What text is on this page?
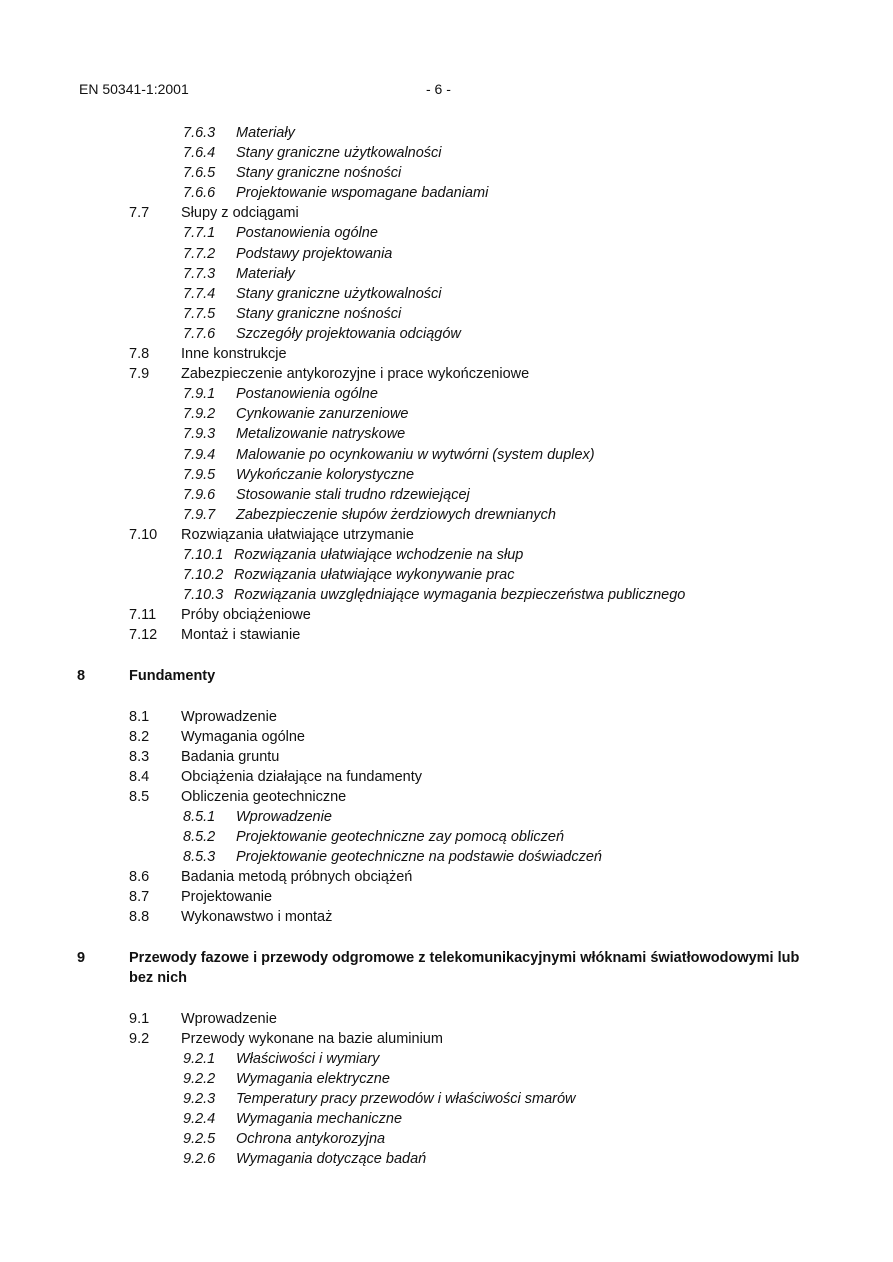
EN 50341-1:2001	- 6 -
7.6.3 Materiały
7.6.4 Stany graniczne użytkowalności
7.6.5 Stany graniczne nośności
7.6.6 Projektowanie wspomagane badaniami
7.7 Słupy z odciągami
7.7.1 Postanowienia ogólne
7.7.2 Podstawy projektowania
7.7.3 Materiały
7.7.4 Stany graniczne użytkowalności
7.7.5 Stany graniczne nośności
7.7.6 Szczegóły projektowania odciągów
7.8 Inne konstrukcje
7.9 Zabezpieczenie antykorozyjne i prace wykończeniowe
7.9.1 Postanowienia ogólne
7.9.2 Cynkowanie zanurzeniowe
7.9.3 Metalizowanie natryskowe
7.9.4 Malowanie po ocynkowaniu w wytwórni (system duplex)
7.9.5 Wykończanie kolorystyczne
7.9.6 Stosowanie stali trudno rdzewiejącej
7.9.7 Zabezpieczenie słupów żerdziowych drewnianych
7.10 Rozwiązania ułatwiające utrzymanie
7.10.1 Rozwiązania ułatwiające wchodzenie na słup
7.10.2 Rozwiązania ułatwiające wykonywanie prac
7.10.3 Rozwiązania uwzględniające wymagania bezpieczeństwa publicznego
7.11 Próby obciążeniowe
7.12 Montaż i stawianie
8	Fundamenty
8.1 Wprowadzenie
8.2 Wymagania ogólne
8.3 Badania gruntu
8.4 Obciążenia działające na fundamenty
8.5 Obliczenia geotechniczne
8.5.1 Wprowadzenie
8.5.2 Projektowanie geotechniczne zay pomocą obliczeń
8.5.3 Projektowanie geotechniczne na podstawie doświadczeń
8.6 Badania metodą próbnych obciążeń
8.7 Projektowanie
8.8 Wykonawstwo i montaż
9	Przewody fazowe i przewody odgromowe z telekomunikacyjnymi włóknami światłowodowymi lub bez nich
9.1 Wprowadzenie
9.2 Przewody wykonane na bazie aluminium
9.2.1 Właściwości i wymiary
9.2.2 Wymagania elektryczne
9.2.3 Temperatury pracy przewodów i właściwości smarów
9.2.4 Wymagania mechaniczne
9.2.5 Ochrona antykorozyjna
9.2.6 Wymagania dotyczące badań
